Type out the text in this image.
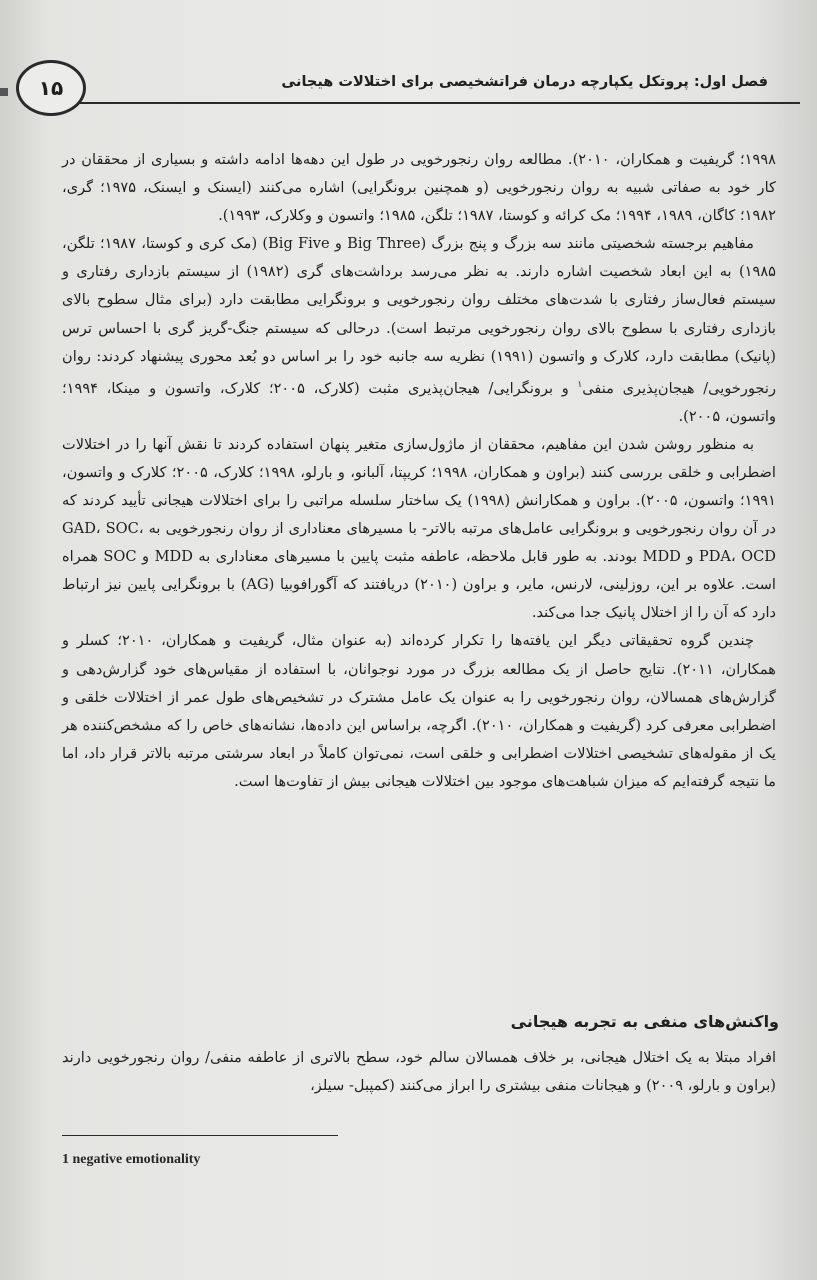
۱۵	فصل اول: پروتکل یکپارچه درمان فراتشخیصی برای اختلالات هیجانی

۱۹۹۸؛ گریفیت و همکاران، ۲۰۱۰). مطالعه روان رنجورخویی در طول این دهه‌ها ادامه داشته و بسیاری از محققان در کار خود به صفاتی شبیه به روان رنجورخویی (و همچنین برونگرایی) اشاره می‌کنند (ایسنک و ایسنک، ۱۹۷۵؛ گری، ۱۹۸۲؛ کاگان، ۱۹۸۹، ۱۹۹۴؛ مک کرائه و کوستا، ۱۹۸۷؛ تلگن، ۱۹۸۵؛ واتسون و وکلارک، ۱۹۹۳).

مفاهیم برجسته شخصیتی مانند سه بزرگ و پنج بزرگ (Big Three و Big Five) (مک کری و کوستا، ۱۹۸۷؛ تلگن، ۱۹۸۵) به این ابعاد شخصیت اشاره دارند. به نظر می‌رسد برداشت‌های گری (۱۹۸۲) از سیستم بازداری رفتاری و سیستم فعال‌ساز رفتاری با شدت‌های مختلف روان رنجورخویی و برونگرایی مطابقت دارد (برای مثال سطوح بالای بازداری رفتاری با سطوح بالای روان رنجورخویی مرتبط است). درحالی که سیستم جنگ-گریز گری با احساس ترس (پانیک) مطابقت دارد، کلارک و واتسون (۱۹۹۱) نظریه سه جانبه خود را بر اساس دو بُعد محوری پیشنهاد کردند: روان رنجورخویی/ هیجان‌پذیری منفی$^۱$ و برونگرایی/ هیجان‌پذیری مثبت (کلارک، ۲۰۰۵؛ کلارک، واتسون و مینکا، ۱۹۹۴؛ واتسون، ۲۰۰۵).

به منظور روشن شدن این مفاهیم، محققان از ماژول‌سازی متغیر پنهان استفاده کردند تا نقش آنها را در اختلالات اضطرابی و خلقی بررسی کنند (براون و همکاران، ۱۹۹۸؛ کریپتا، آلبانو، و بارلو، ۱۹۹۸؛ کلارک، ۲۰۰۵؛ کلارک و واتسون، ۱۹۹۱؛ واتسون، ۲۰۰۵). براون و همکارانش (۱۹۹۸) یک ساختار سلسله مراتبی را برای اختلالات هیجانی تأیید کردند که در آن روان رنجورخویی و برونگرایی عامل‌های مرتبه بالاتر- با مسیرهای معناداری از روان رنجورخویی به GAD، SOC، PDA، OCD و MDD بودند. به طور قابل ملاحظه، عاطفه مثبت پایین با مسیرهای معناداری به MDD و SOC همراه است. علاوه بر این، روزلینی، لارنس، مایر، و براون (۲۰۱۰) دریافتند که آگورافوبیا (AG) با برونگرایی پایین نیز ارتباط دارد که آن را از اختلال پانیک جدا می‌کند.

چندین گروه تحقیقاتی دیگر این یافته‌ها را تکرار کرده‌اند (به عنوان مثال، گریفیت و همکاران، ۲۰۱۰؛ کسلر و همکاران، ۲۰۱۱). نتایج حاصل از یک مطالعه بزرگ در مورد نوجوانان، با استفاده از مقیاس‌های خود گزارش‌دهی و گزارش‌های همسالان، روان رنجورخویی را به عنوان یک عامل مشترک در تشخیص‌های طول عمر از اختلالات خلقی و اضطرابی معرفی کرد (گریفیت و همکاران، ۲۰۱۰). اگرچه، براساس این داده‌ها، نشانه‌های خاص را که مشخص‌کننده هر یک از مقوله‌های تشخیصی اختلالات اضطرابی و خلقی است، نمی‌توان کاملاً در ابعاد سرشتی مرتبه بالاتر قرار داد، اما ما نتیجه گرفته‌ایم که میزان شباهت‌های موجود بین اختلالات هیجانی بیش از تفاوت‌ها است.

واکنش‌های منفی به تجربه هیجانی
افراد مبتلا به یک اختلال هیجانی، بر خلاف همسالان سالم خود، سطح بالاتری از عاطفه منفی/ روان رنجورخویی دارند (براون و بارلو، ۲۰۰۹) و هیجانات منفی بیشتری را ابراز می‌کنند (کمپبل- سیلز،
1 negative emotionality
